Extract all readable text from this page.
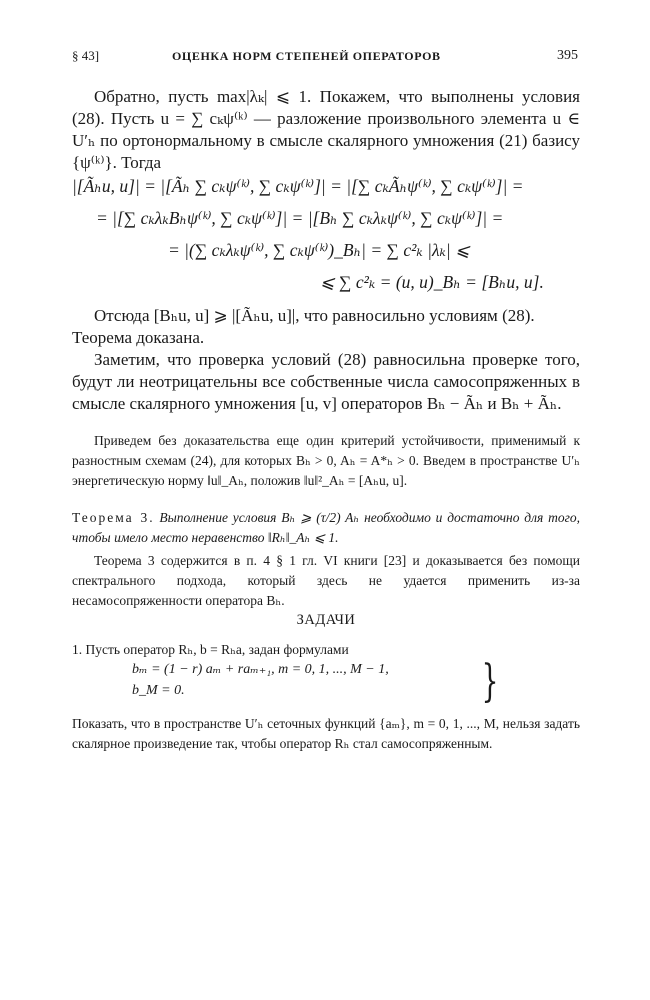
§ 43]	ОЦЕНКА НОРМ СТЕПЕНЕЙ ОПЕРАТОРОВ	395

Обратно, пусть max|λₖ| ⩽ 1. Покажем, что выполнены условия (28). Пусть u = ∑ cₖψ⁽ᵏ⁾ — разложение произвольного элемента u ∈ U′ₕ по ортонормальному в смысле скалярного умножения (21) базису {ψ⁽ᵏ⁾}. Тогда

|[Ãₕu, u]| = |[Ãₕ ∑ cₖψ⁽ᵏ⁾, ∑ cₖψ⁽ᵏ⁾]| = |[∑ cₖÃₕψ⁽ᵏ⁾, ∑ cₖψ⁽ᵏ⁾]| =
= |[∑ cₖλₖBₕψ⁽ᵏ⁾, ∑ cₖψ⁽ᵏ⁾]| = |[Bₕ ∑ cₖλₖψ⁽ᵏ⁾, ∑ cₖψ⁽ᵏ⁾]| =
= |(∑ cₖλₖψ⁽ᵏ⁾, ∑ cₖψ⁽ᵏ⁾)_Bₕ| = ∑ c²ₖ |λₖ| ⩽
⩽ ∑ c²ₖ = (u, u)_Bₕ = [Bₕu, u].

Отсюда [Bₕu, u] ⩾ |[Ãₕu, u]|, что равносильно условиям (28).
Теорема доказана.

Заметим, что проверка условий (28) равносильна проверке того, будут ли неотрицательны все собственные числа самосопряженных в смысле скалярного умножения [u, v] операторов Bₕ − Ãₕ и Bₕ + Ãₕ.

Приведем без доказательства еще один критерий устойчивости, применимый к разностным схемам (24), для которых Bₕ > 0, Aₕ = A*ₕ > 0. Введем в пространстве U′ₕ энергетическую норму ‖u‖_Aₕ, положив ‖u‖²_Aₕ = [Aₕu, u].

Теорема 3. Выполнение условия Bₕ ⩾ (τ/2) Aₕ необходимо и достаточно для того, чтобы имело место неравенство ‖Rₕ‖_Aₕ ⩽ 1.

Теорема 3 содержится в п. 4 § 1 гл. VI книги [23] и доказывается без помощи спектрального подхода, который здесь не удается применить из-за несамосопряженности оператора Bₕ.

ЗАДАЧИ

1. Пусть оператор Rₕ, b = Rₕa, задан формулами

bₘ = (1 − r) aₘ + raₘ₊₁, m = 0, 1, ..., M − 1,
b_M = 0.	}

Показать, что в пространстве U′ₕ сеточных функций {aₘ}, m = 0, 1, ..., M, нельзя задать скалярное произведение так, чтобы оператор Rₕ стал самосопряженным.
